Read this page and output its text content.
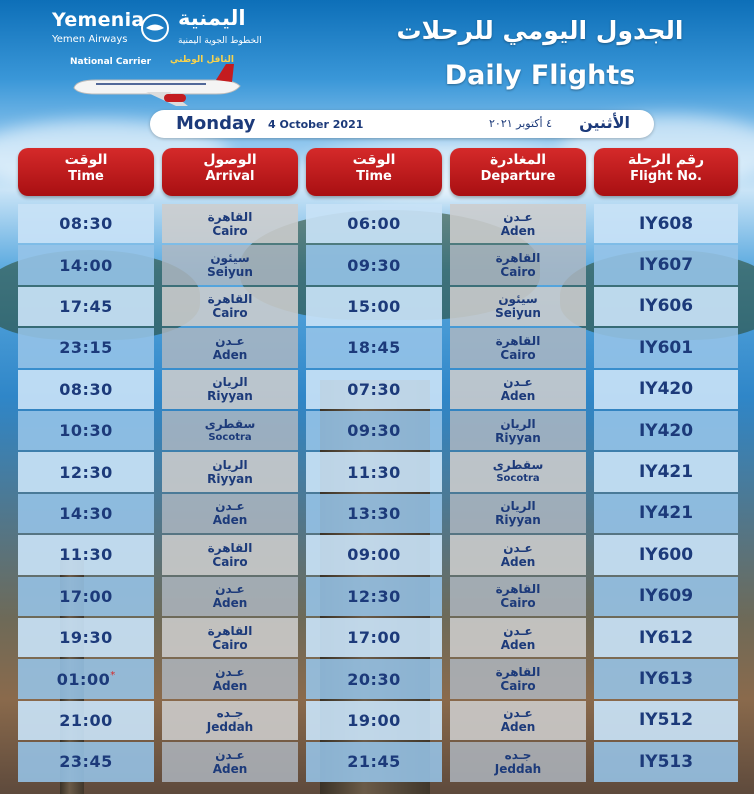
Yemenia
Yemen Airways
اليمنية
الخطوط الجوية اليمنية
National Carrier الناقل الوطني
الجدول اليومي للرحلات
Daily Flights
Monday 4 October 2021	٤ أكتوبر ٢٠٢١ الأثنين
الوقت
Time
الوصول
Arrival
الوقت
Time
المغادرة
Departure
رقم الرحلة
Flight No.
08:30
14:00
17:45
23:15
08:30
10:30
12:30
14:30
11:30
17:00
19:30
01:00 *
21:00
23:45
القاهرة
Cairo
سيئون
Seiyun
القاهرة
Cairo
عـدن
Aden
الريان
Riyyan
سقطرى
Socotra
الريان
Riyyan
عـدن
Aden
القاهرة
Cairo
عـدن
Aden
القاهرة
Cairo
عـدن
Aden
جـده
Jeddah
عـدن
Aden
06:00
09:30
15:00
18:45
07:30
09:30
11:30
13:30
09:00
12:30
17:00
20:30
19:00
21:45
عـدن
Aden
القاهرة
Cairo
سيئون
Seiyun
القاهرة
Cairo
عـدن
Aden
الريان
Riyyan
سقطرى
Socotra
الريان
Riyyan
عـدن
Aden
القاهرة
Cairo
عـدن
Aden
القاهرة
Cairo
عـدن
Aden
جـده
Jeddah
IY608
IY607
IY606
IY601
IY420
IY420
IY421
IY421
IY600
IY609
IY612
IY613
IY512
IY513
